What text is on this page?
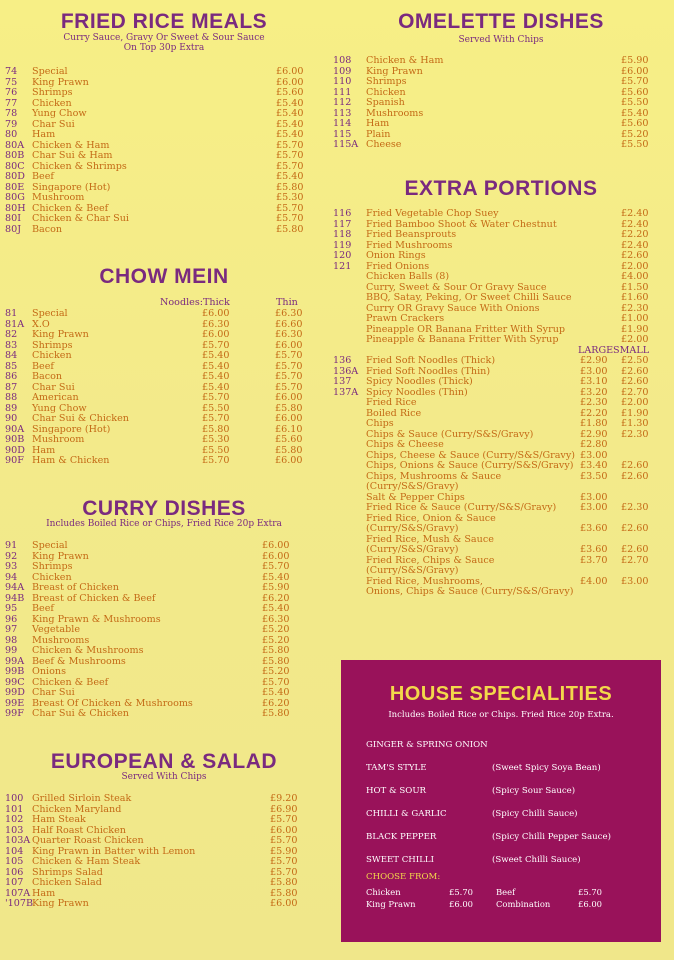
FRIED RICE MEALS
Curry Sauce, Gravy Or Sweet & Sour Sauce
On Top 30p Extra
74 Special	£6.00
75 King Prawn	£6.00
76 Shrimps	£5.60
77 Chicken	£5.40
78 Yung Chow	£5.40
79 Char Sui	£5.40
80 Ham	£5.40
80A Chicken & Ham	£5.70
80B Char Sui & Ham	£5.70
80C Chicken & Shrimps	£5.70
80D Beef	£5.40
80E Singapore (Hot)	£5.80
80G Mushroom	£5.30
80H Chicken & Beef	£5.70
80I Chicken & Char Sui	£5.70
80J Bacon	£5.80
CHOW MEIN
Noodles:Thick	Thin
81 Special	£6.00	£6.30
81A X.O	£6.30	£6.60
82 King Prawn	£6.00	£6.30
83 Shrimps	£5.70	£6.00
84 Chicken	£5.40	£5.70
85 Beef	£5.40	£5.70
86 Bacon	£5.40	£5.70
87 Char Sui	£5.40	£5.70
88 American	£5.70	£6.00
89 Yung Chow	£5.50	£5.80
90 Char Sui & Chicken	£5.70	£6.00
90A Singapore (Hot)	£5.80	£6.10
90B Mushroom	£5.30	£5.60
90D Ham	£5.50	£5.80
90F Ham & Chicken	£5.70	£6.00
CURRY DISHES
Includes Boiled Rice or Chips, Fried Rice 20p Extra
91 Special	£6.00
92 King Prawn	£6.00
93 Shrimps	£5.70
94 Chicken	£5.40
94A Breast of Chicken	£5.90
94B Breast of Chicken & Beef	£6.20
95 Beef	£5.40
96 King Prawn & Mushrooms	£6.30
97 Vegetable	£5.20
98 Mushrooms	£5.20
99 Chicken & Mushrooms	£5.80
99A Beef & Mushrooms	£5.80
99B Onions	£5.20
99C Chicken & Beef	£5.70
99D Char Sui	£5.40
99E Breast Of Chicken & Mushrooms	£6.20
99F Char Sui & Chicken	£5.80
EUROPEAN & SALAD
Served With Chips
100 Grilled Sirloin Steak	£9.20
101 Chicken Maryland	£6.90
102 Ham Steak	£5.70
103 Half Roast Chicken	£6.00
103A Quarter Roast Chicken	£5.70
104 King Prawn in Batter with Lemon	£5.90
105 Chicken & Ham Steak	£5.70
106 Shrimps Salad	£5.70
107 Chicken Salad	£5.80
107A Ham	£5.80
'107B King Prawn	£6.00
OMELETTE DISHES
Served With Chips
108 Chicken & Ham	£5.90
109 King Prawn	£6.00
110 Shrimps	£5.70
111 Chicken	£5.60
112 Spanish	£5.50
113 Mushrooms	£5.40
114 Ham	£5.60
115 Plain	£5.20
115A Cheese	£5.50
EXTRA PORTIONS
116 Fried Vegetable Chop Suey	£2.40
117 Fried Bamboo Shoot & Water Chestnut	£2.40
118 Fried Beansprouts	£2.20
119 Fried Mushrooms	£2.40
120 Onion Rings	£2.60
121 Fried Onions	£2.00
Chicken Balls (8)	£4.00
Curry, Sweet & Sour Or Gravy Sauce	£1.50
BBQ, Satay, Peking, Or Sweet Chilli Sauce	£1.60
Curry OR Gravy Sauce With Onions	£2.30
Prawn Crackers	£1.00
Pineapple OR Banana Fritter With Syrup	£1.90
Pineapple & Banana Fritter With Syrup	£2.00
LARGE SMALL
136 Fried Soft Noodles (Thick)	£2.90 £2.50
136A Fried Soft Noodles (Thin)	£3.00 £2.60
137 Spicy Noodles (Thick)	£3.10 £2.60
137A Spicy Noodles (Thin)	£3.20 £2.70
Fried Rice	£2.30 £2.00
Boiled Rice	£2.20 £1.90
Chips	£1.80 £1.30
Chips & Sauce (Curry/S&S/Gravy)	£2.90 £2.30
Chips & Cheese	£2.80
Chips, Cheese & Sauce (Curry/S&S/Gravy) £3.00
Chips, Onions & Sauce (Curry/S&S/Gravy) £3.40 £2.60
Chips, Mushrooms & Sauce	£3.50 £2.60
(Curry/S&S/Gravy)
Salt & Pepper Chips	£3.00
Fried Rice & Sauce (Curry/S&S/Gravy) £3.00 £2.30
Fried Rice, Onion & Sauce
(Curry/S&S/Gravy)	£3.60 £2.60
Fried Rice, Mush & Sauce
(Curry/S&S/Gravy)	£3.60 £2.60
Fried Rice, Chips & Sauce	£3.70 £2.70
(Curry/S&S/Gravy)
Fried Rice, Mushrooms,	£4.00 £3.00
Onions, Chips & Sauce (Curry/S&S/Gravy)
HOUSE SPECIALITIES
Includes Boiled Rice or Chips. Fried Rice 20p Extra.
GINGER & SPRING ONION
TAM'S STYLE	(Sweet Spicy Soya Bean)
HOT & SOUR	(Spicy Sour Sauce)
CHILLI & GARLIC	(Spicy Chilli Sauce)
BLACK PEPPER	(Spicy Chilli Pepper Sauce)
SWEET CHILLI	(Sweet Chilli Sauce)
CHOOSE FROM:
Chicken	£5.70	Beef	£5.70
King Prawn	£6.00	Combination	£6.00
